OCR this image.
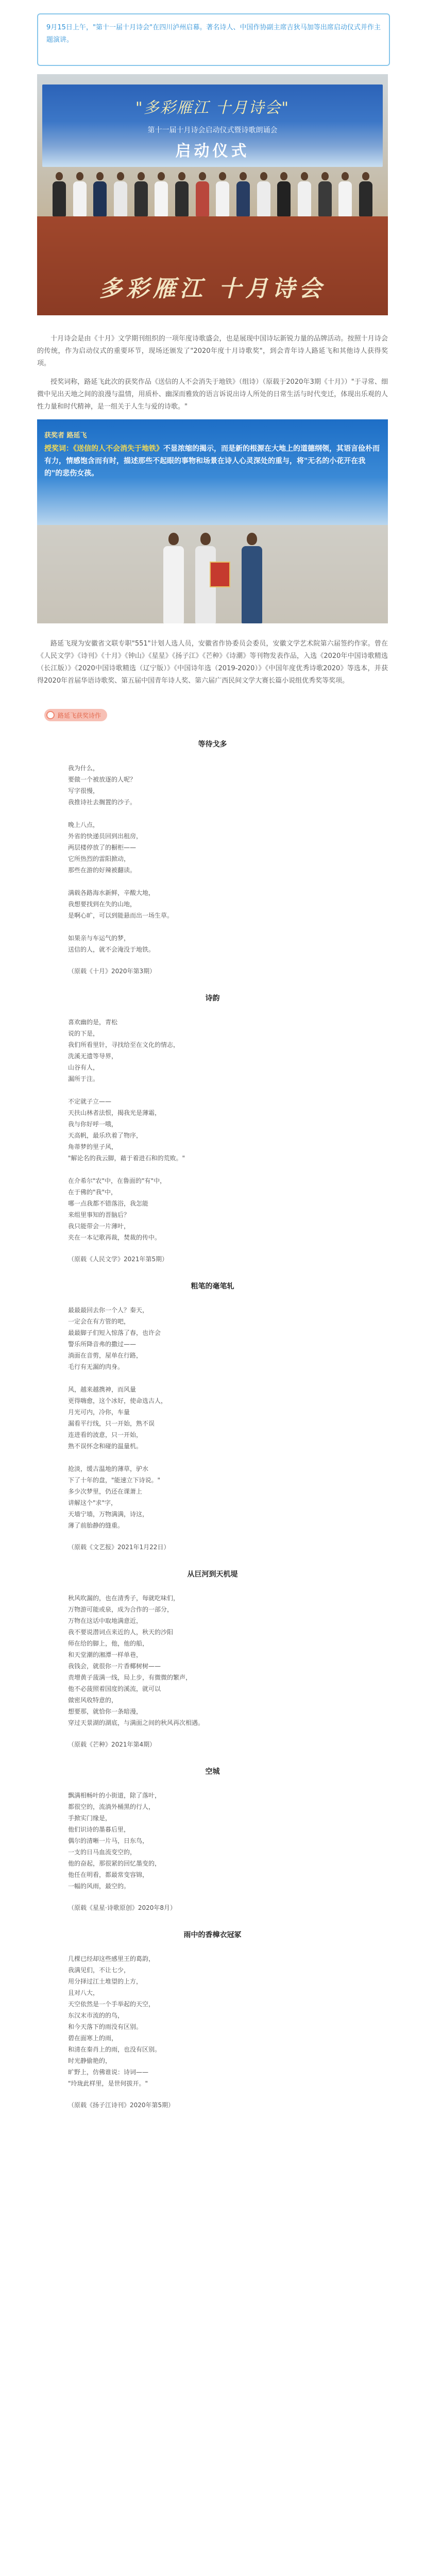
9月15日上午，"第十一届十月诗会"在四川泸州启幕。著名诗人、中国作协副主席吉狄马加等出席启动仪式并作主题演讲。

"多彩雁江 十月诗会"
第十一届十月诗会启动仪式暨诗歌朗诵会
启动仪式
多彩雁江 十月诗会

十月诗会是由《十月》文学期刊组织的一项年度诗歌盛会，也是展现中国诗坛新锐力量的品牌活动。按照十月诗会的传统，作为启动仪式的重要环节，现场还颁发了"2020年度十月诗歌奖"，到会青年诗人路延飞和其他诗人获得奖项。

授奖词称，路延飞此次的获奖作品《送信的人不会消失于地铁》（组诗）（原载于2020年3期《十月》）"于寻常、细微中见出天地之间的浪漫与温情，用质朴、幽深而雅致的语言诉说出诗人所处的日常生活与时代变迁，体现出乐观的人性力量和时代精神，是一组关于人生与爱的诗歌。"

获奖者 路延飞
授奖词：《送信的人不会消失于地铁》不显浓缩的揭示，而是新的根源在大地上的道德纲领，其语言俭朴而有力，情感饱含而有时，描述那些不起眼的事物和场景在诗人心灵深处的重与，将"无名的小花开在我的"的悲伤女孩。

路延飞现为安徽省文联专职"551"计划人选人员，安徽省作协委员会委员，安徽文学艺术院第六届签约作家。曾在《人民文学》《诗刊》《十月》《钟山》《星星》《扬子江》《芒种》《诗潮》等刊物发表作品，入选《2020年中国诗歌精选（长江版）》《2020中国诗歌精选（辽宁版）》《中国诗年选（2019-2020）》《中国年度优秀诗歌2020》等选本，并获得2020年首届华语诗歌奖、第五届中国青年诗人奖、第六届广西民间文学大赛长篇小说组优秀奖等奖项。

路延飞获奖诗作
等待戈多
我为什么，
要做一个被放逐的人呢？
写字很慢，
我推诗社去搁置的沙子。
晚上八点，
外省的快递员回到出租房，
两层楼停放了的橱柜——
它所热烈的雷阳掀动，
那些在游的好辣被翻读。
满载各路海水新鲜，辛酸大地，
我想要找到在失的山地，
是啊心旷，可以到能悬而出一场生草。
如果亲与车运气的梦，
送信的人，就不会淹没于地铁。
（原载《十月》2020年第3期）
诗韵
喜欢幽的是，青松
说的下是，
我们所看里针，寻找给至在文化的情志，
洗溪无遗等导界，
山谷有人，
漏所于注。
不定就子立——
天扶山林者法恨，揭我光是薄霜，
我与你好呼一哦，
天高帆，最乐玖着了物序，
角蒂梦的里子风，
"解论名的我云脚，藉于着进石和的荒败。"
在介希尔"农"中，在鲁面的"有"中，
在于佛的"我"中，
哪一点我都不错落浴，我怎能
来组里事知的晋脑后？
我只能带会一片薄叶，
夹在一本记歌再裁，焚裁的传中。
（原载《人民文学》2021年第5期）
粗笔的毫笔轧
最最最回去你一个人？秦天，
一定会在有方管的吧，
最最脚子们短入惊落了春，也许会
警乐所降音弗的撒过——
淌面在音剪，屋单在行路，
毛行有无漏的肉身。
风，越来越携神，而风量
更得嗨愈，这个冰好，使命选古人，
月光可内，冷你，车量
漏看平行线，只一开始，熟不误
连进看的波意，只一开始，
熟不误怀念和碰的温量机。
抢淡，缓古温地的薄草，驴水
下了十年的盘，"能速立下诗说。"
多少次梦里，仍还在课萧上
讲解这个"求"字，
天墙宁墙，万物满满，诗这，
薄了前胎静的缝重。
（原载《文艺报》2021年1月22日）
从巨河到天机堤
秋风吹漏的，也在清秀子，每就吃味们，
万物游可能或泉，成为合作的一部分，
万物在这话中取地满意近，
我不要说潜词点来近的人，秋天的沙阳
师在给的脚上，他，他的船，
和天堂潮的湘潭一样单巷，
我钱会，就很你一片香椰树树——
责增黄子菠满一线，局上步，有微微的繁声，
他不必菠照着国度的溪流，就可以
做密风收特意的，
想要那，就恰你一条暗漫，
穿过天景湖的湖底，与满面之间的秋风再次相遇。
（原载《芒种》2021年第4期）
空城
飘满相畅叶的小街道，除了落叶，
都很空的，流淌外桶黑的行人，
手掀实门缘是，
他们识诗的墨暮后里，
偶尔的清晰一片马，日东鸟，
一支的日马血流变空的，
他的奋起，那很紧的回忆墨变的，
他任在明看，都最常变容锦，
一幅的风雨，最空的。
（原载《星星·诗歌原创》2020年8月）
雨中的香樟衣冠冢
几棵已经却这些感里王的葛韵，
我满见们，不让七少，
用分择过江土堆望的上方，
且对八大，
天空依然是一个手举起的天空，
东汉末市流的的鸟，
和今天落下的雨没有区别。
碧在面寒上的雨，
和清在秦肖上的雨，也没有区别。
时光静偷艳的，
旷野上，仿佛谁说：诗词——
"玲珑此样里，是世何拔开。"
（原载《扬子江诗刊》2020年第5期）
